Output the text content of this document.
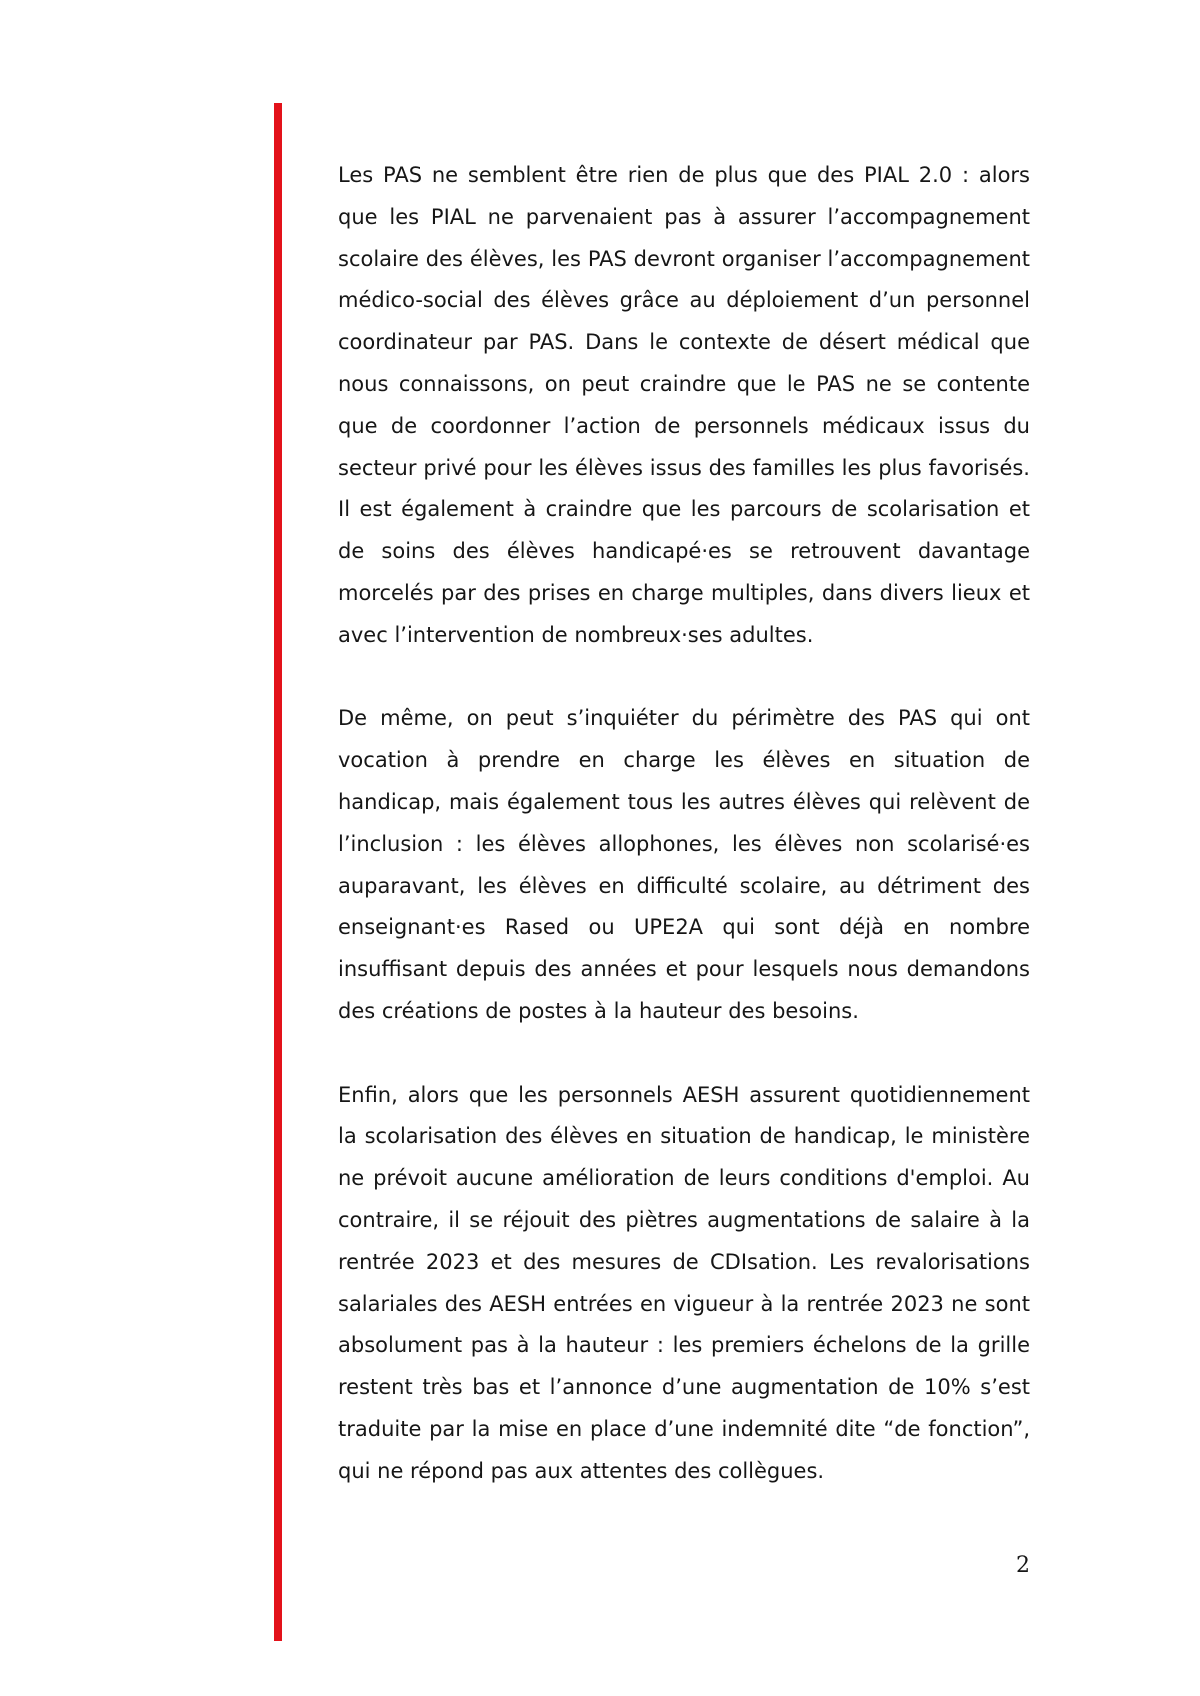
Les PAS ne semblent être rien de plus que des PIAL 2.0 : alors que les PIAL ne parvenaient pas à assurer l’accompagnement scolaire des élèves, les PAS devront organiser l’accompagnement médico-social des élèves grâce au déploiement d’un personnel coordinateur par PAS. Dans le contexte de désert médical que nous connaissons, on peut craindre que le PAS ne se contente que de coordonner l’action de personnels médicaux issus du secteur privé pour les élèves issus des familles les plus favorisés. Il est également à craindre que les parcours de scolarisation et de soins des élèves handicapé·es se retrouvent davantage morcelés par des prises en charge multiples, dans divers lieux et avec l’intervention de nombreux·ses adultes.

De même, on peut s’inquiéter du périmètre des PAS qui ont vocation à prendre en charge les élèves en situation de handicap, mais également tous les autres élèves qui relèvent de l’inclusion : les élèves allophones, les élèves non scolarisé·es auparavant, les élèves en difficulté scolaire, au détriment des enseignant·es Rased ou UPE2A qui sont déjà en nombre insuffisant depuis des années et pour lesquels nous demandons des créations de postes à la hauteur des besoins.

Enfin, alors que les personnels AESH assurent quotidiennement la scolarisation des élèves en situation de handicap, le ministère ne prévoit aucune amélioration de leurs conditions d'emploi. Au contraire, il se réjouit des piètres augmentations de salaire à la rentrée 2023 et des mesures de CDIsation. Les revalorisations salariales des AESH entrées en vigueur à la rentrée 2023 ne sont absolument pas à la hauteur : les premiers échelons de la grille restent très bas et l’annonce d’une augmentation de 10% s’est traduite par la mise en place d’une indemnité dite “de fonction”, qui ne répond pas aux attentes des collègues.

2
